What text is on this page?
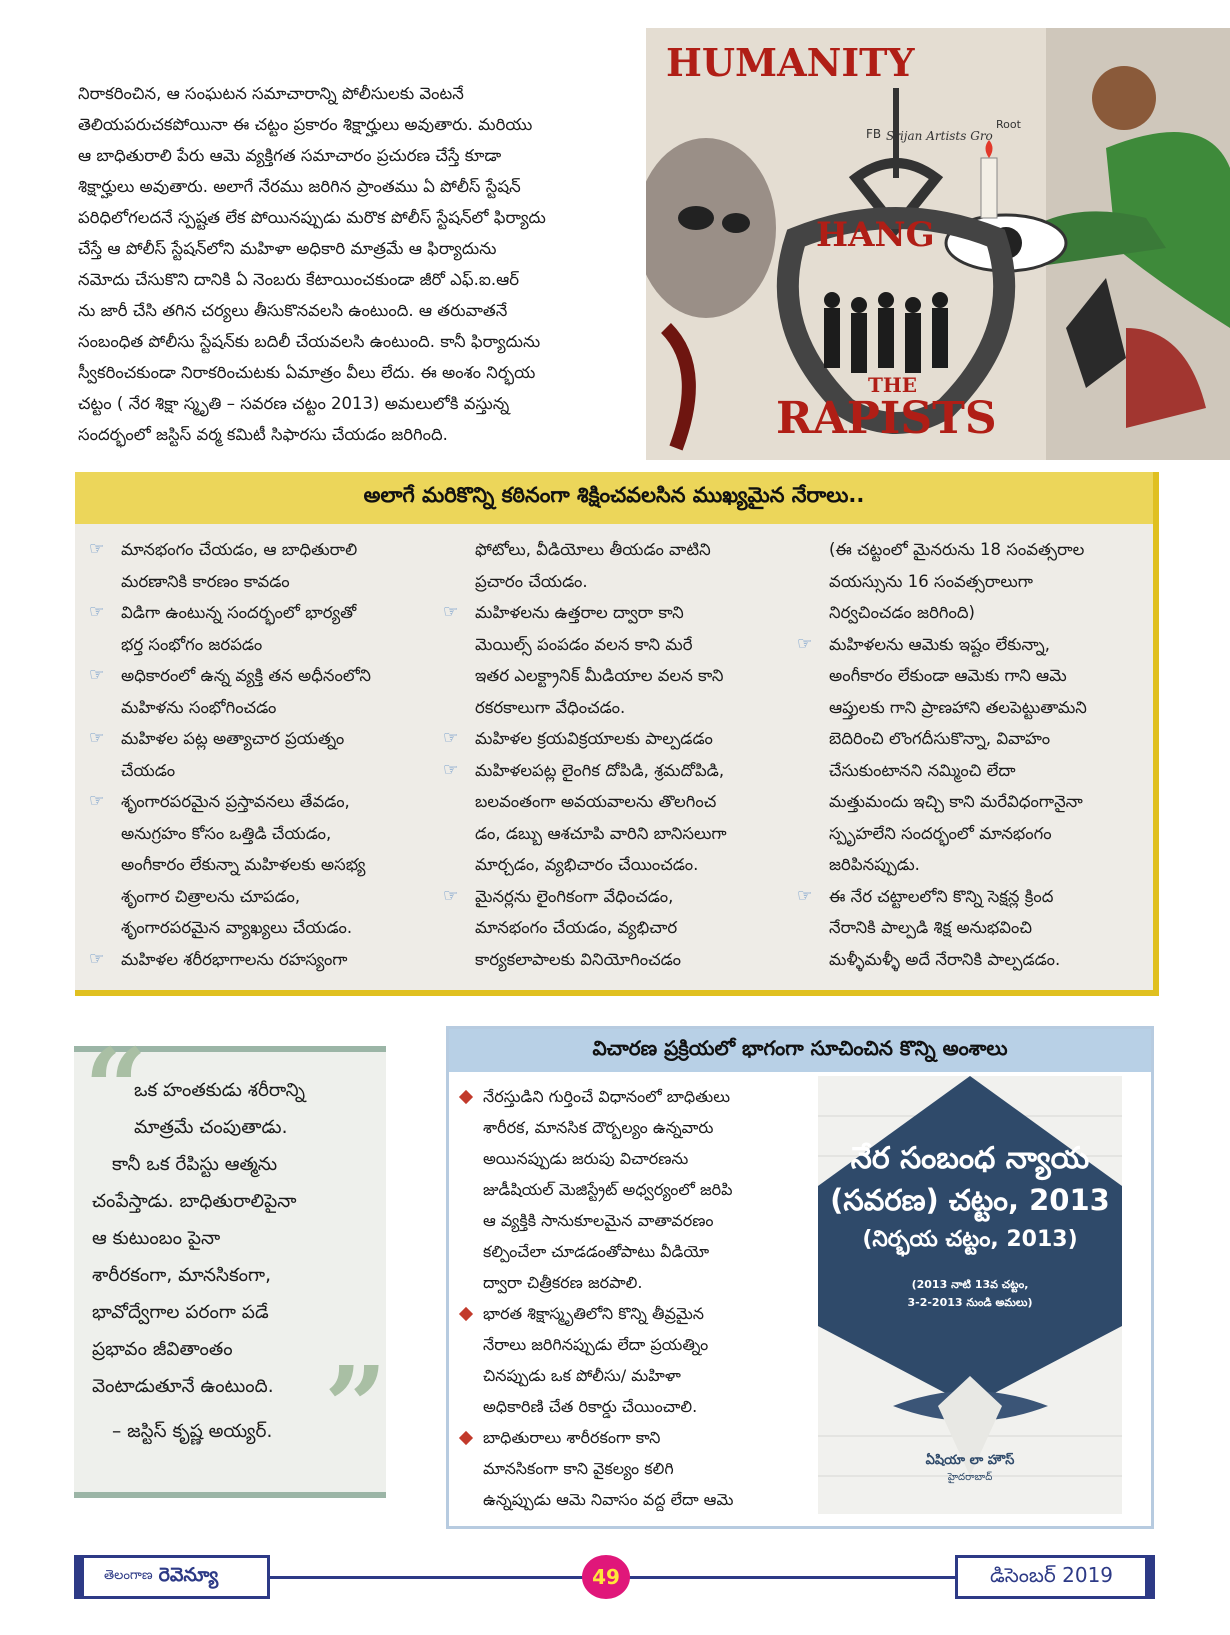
నిరాకరించిన, ఆ సంఘటన సమాచారాన్ని పోలీసులకు వెంటనే

తెలియపరుచకపోయినా ఈ చట్టం ప్రకారం శిక్షార్హులు అవుతారు. మరియు

ఆ బాధితురాలి పేరు ఆమె వ్యక్తిగత సమాచారం ప్రచురణ చేస్తే కూడా

శిక్షార్హులు అవుతారు. అలాగే నేరము జరిగిన ప్రాంతము ఏ పోలీస్ స్టేషన్

పరిధిలోగలదనే స్పష్టత లేక పోయినప్పుడు మరొక పోలీస్ స్టేషన్‌లో ఫిర్యాదు

చేస్తే ఆ పోలీస్ స్టేషన్‌లోని మహిళా అధికారి మాత్రమే ఆ ఫిర్యాదును

నమోదు చేసుకొని దానికి ఏ నెంబరు కేటాయించకుండా జీరో ఎఫ్.ఐ.ఆర్

ను జారీ చేసి తగిన చర్యలు తీసుకొనవలసి ఉంటుంది. ఆ తరువాతనే

సంబంధిత పోలీసు స్టేషన్‌కు బదిలీ చేయవలసి ఉంటుంది. కానీ ఫిర్యాదును

స్వీకరించకుండా నిరాకరించుటకు ఏమాత్రం వీలు లేదు. ఈ అంశం నిర్భయ

చట్టం ( నేర శిక్షా స్మృతి – సవరణ చట్టం 2013) అమలులోకి వస్తున్న

సందర్భంలో జస్టిస్ వర్మ కమిటీ సిఫారసు చేయడం జరిగింది.

HUMANITY
Root
FB Srijan Artists Gro
HANG
THE
RAPISTS
అలాగే మరికొన్ని కఠినంగా శిక్షించవలసిన ముఖ్యమైన నేరాలు..
☞ మానభంగం చేయడం, ఆ బాధితురాలి
మరణానికి కారణం కావడం
☞ విడిగా ఉంటున్న సందర్భంలో భార్యతో
భర్త సంభోగం జరపడం
☞ అధికారంలో ఉన్న వ్యక్తి తన అధీనంలోని
మహిళను సంభోగించడం
☞ మహిళల పట్ల అత్యాచార ప్రయత్నం
చేయడం
☞ శృంగారపరమైన ప్రస్తావనలు తేవడం,
అనుగ్రహం కోసం ఒత్తిడి చేయడం,
అంగీకారం లేకున్నా మహిళలకు అసభ్య
శృంగార చిత్రాలను చూపడం,
శృంగారపరమైన వ్యాఖ్యలు చేయడం.
☞ మహిళల శరీరభాగాలను రహస్యంగా
ఫోటోలు, వీడియోలు తీయడం వాటిని
ప్రచారం చేయడం.
☞ మహిళలను ఉత్తరాల ద్వారా కాని
మెయిల్స్ పంపడం వలన కాని మరే
ఇతర ఎలక్ట్రానిక్ మీడియాల వలన కాని
రకరకాలుగా వేధించడం.
☞ మహిళల క్రయవిక్రయాలకు పాల్పడడం
☞ మహిళలపట్ల లైంగిక దోపిడి, శ్రమదోపిడి,
బలవంతంగా అవయవాలను తొలగించ
డం, డబ్బు ఆశచూపి వారిని బానిసలుగా
మార్చడం, వ్యభిచారం చేయించడం.
☞ మైనర్లను లైంగికంగా వేధించడం,
మానభంగం చేయడం, వ్యభిచార
కార్యకలాపాలకు వినియోగించడం
(ఈ చట్టంలో మైనరును 18 సంవత్సరాల
వయస్సును 16 సంవత్సరాలుగా
నిర్వచించడం జరిగింది)
☞ మహిళలను ఆమెకు ఇష్టం లేకున్నా,
అంగీకారం లేకుండా ఆమెకు గాని ఆమె
ఆప్తులకు గాని ప్రాణహాని తలపెట్టుతామని
బెదిరించి లొంగదీసుకొన్నా, వివాహం
చేసుకుంటానని నమ్మించి లేదా
మత్తుమందు ఇచ్చి కాని మరేవిధంగానైనా
స్పృహలేని సందర్భంలో మానభంగం
జరిపినప్పుడు.
☞ ఈ నేర చట్టాలలోని కొన్ని సెక్షన్ల క్రింద
నేరానికి పాల్పడి శిక్ష అనుభవించి
మళ్ళీమళ్ళీ అదే నేరానికి పాల్పడడం.
“
ఒక హంతకుడు శరీరాన్ని
మాత్రమే చంపుతాడు.
కానీ ఒక రేపిస్టు ఆత్మను
చంపేస్తాడు. బాధితురాలిపైనా
ఆ కుటుంబం పైనా
శారీరకంగా, మానసికంగా,
భావోద్వేగాల పరంగా పడే
ప్రభావం జీవితాంతం
వెంటాడుతూనే ఉంటుంది.
– జస్టిస్ కృష్ణ అయ్యర్. ”
విచారణ ప్రక్రియలో భాగంగా సూచించిన కొన్ని అంశాలు
నేరస్తుడిని గుర్తించే విధానంలో బాధితులు
శారీరక, మానసిక దౌర్బల్యం ఉన్నవారు
అయినప్పుడు జరుపు విచారణను
జుడీషియల్ మెజిస్ట్రేట్ అధ్వర్యంలో జరిపి
ఆ వ్యక్తికి సానుకూలమైన వాతావరణం
కల్పించేలా చూడడంతోపాటు వీడియో
ద్వారా చిత్రీకరణ జరపాలి.
భారత శిక్షాస్మృతిలోని కొన్ని తీవ్రమైన
నేరాలు జరిగినప్పుడు లేదా ప్రయత్నిం
చినప్పుడు ఒక పోలీసు/ మహిళా
అధికారిణి చేత రికార్డు చేయించాలి.
బాధితురాలు శారీరకంగా కాని
మానసికంగా కాని వైకల్యం కలిగి
ఉన్నప్పుడు ఆమె నివాసం వద్ద లేదా ఆమె
నేర సంబంధ న్యాయ
(సవరణ) చట్టం, 2013
(నిర్భయ చట్టం, 2013)
(2013 నాటి 13వ చట్టం,
3-2-2013 నుండి అమలు)
ఏషియా లా హౌస్
హైదరాబాద్
తెలంగాణ రెవెన్యూ	49	డిసెంబర్ 2019
